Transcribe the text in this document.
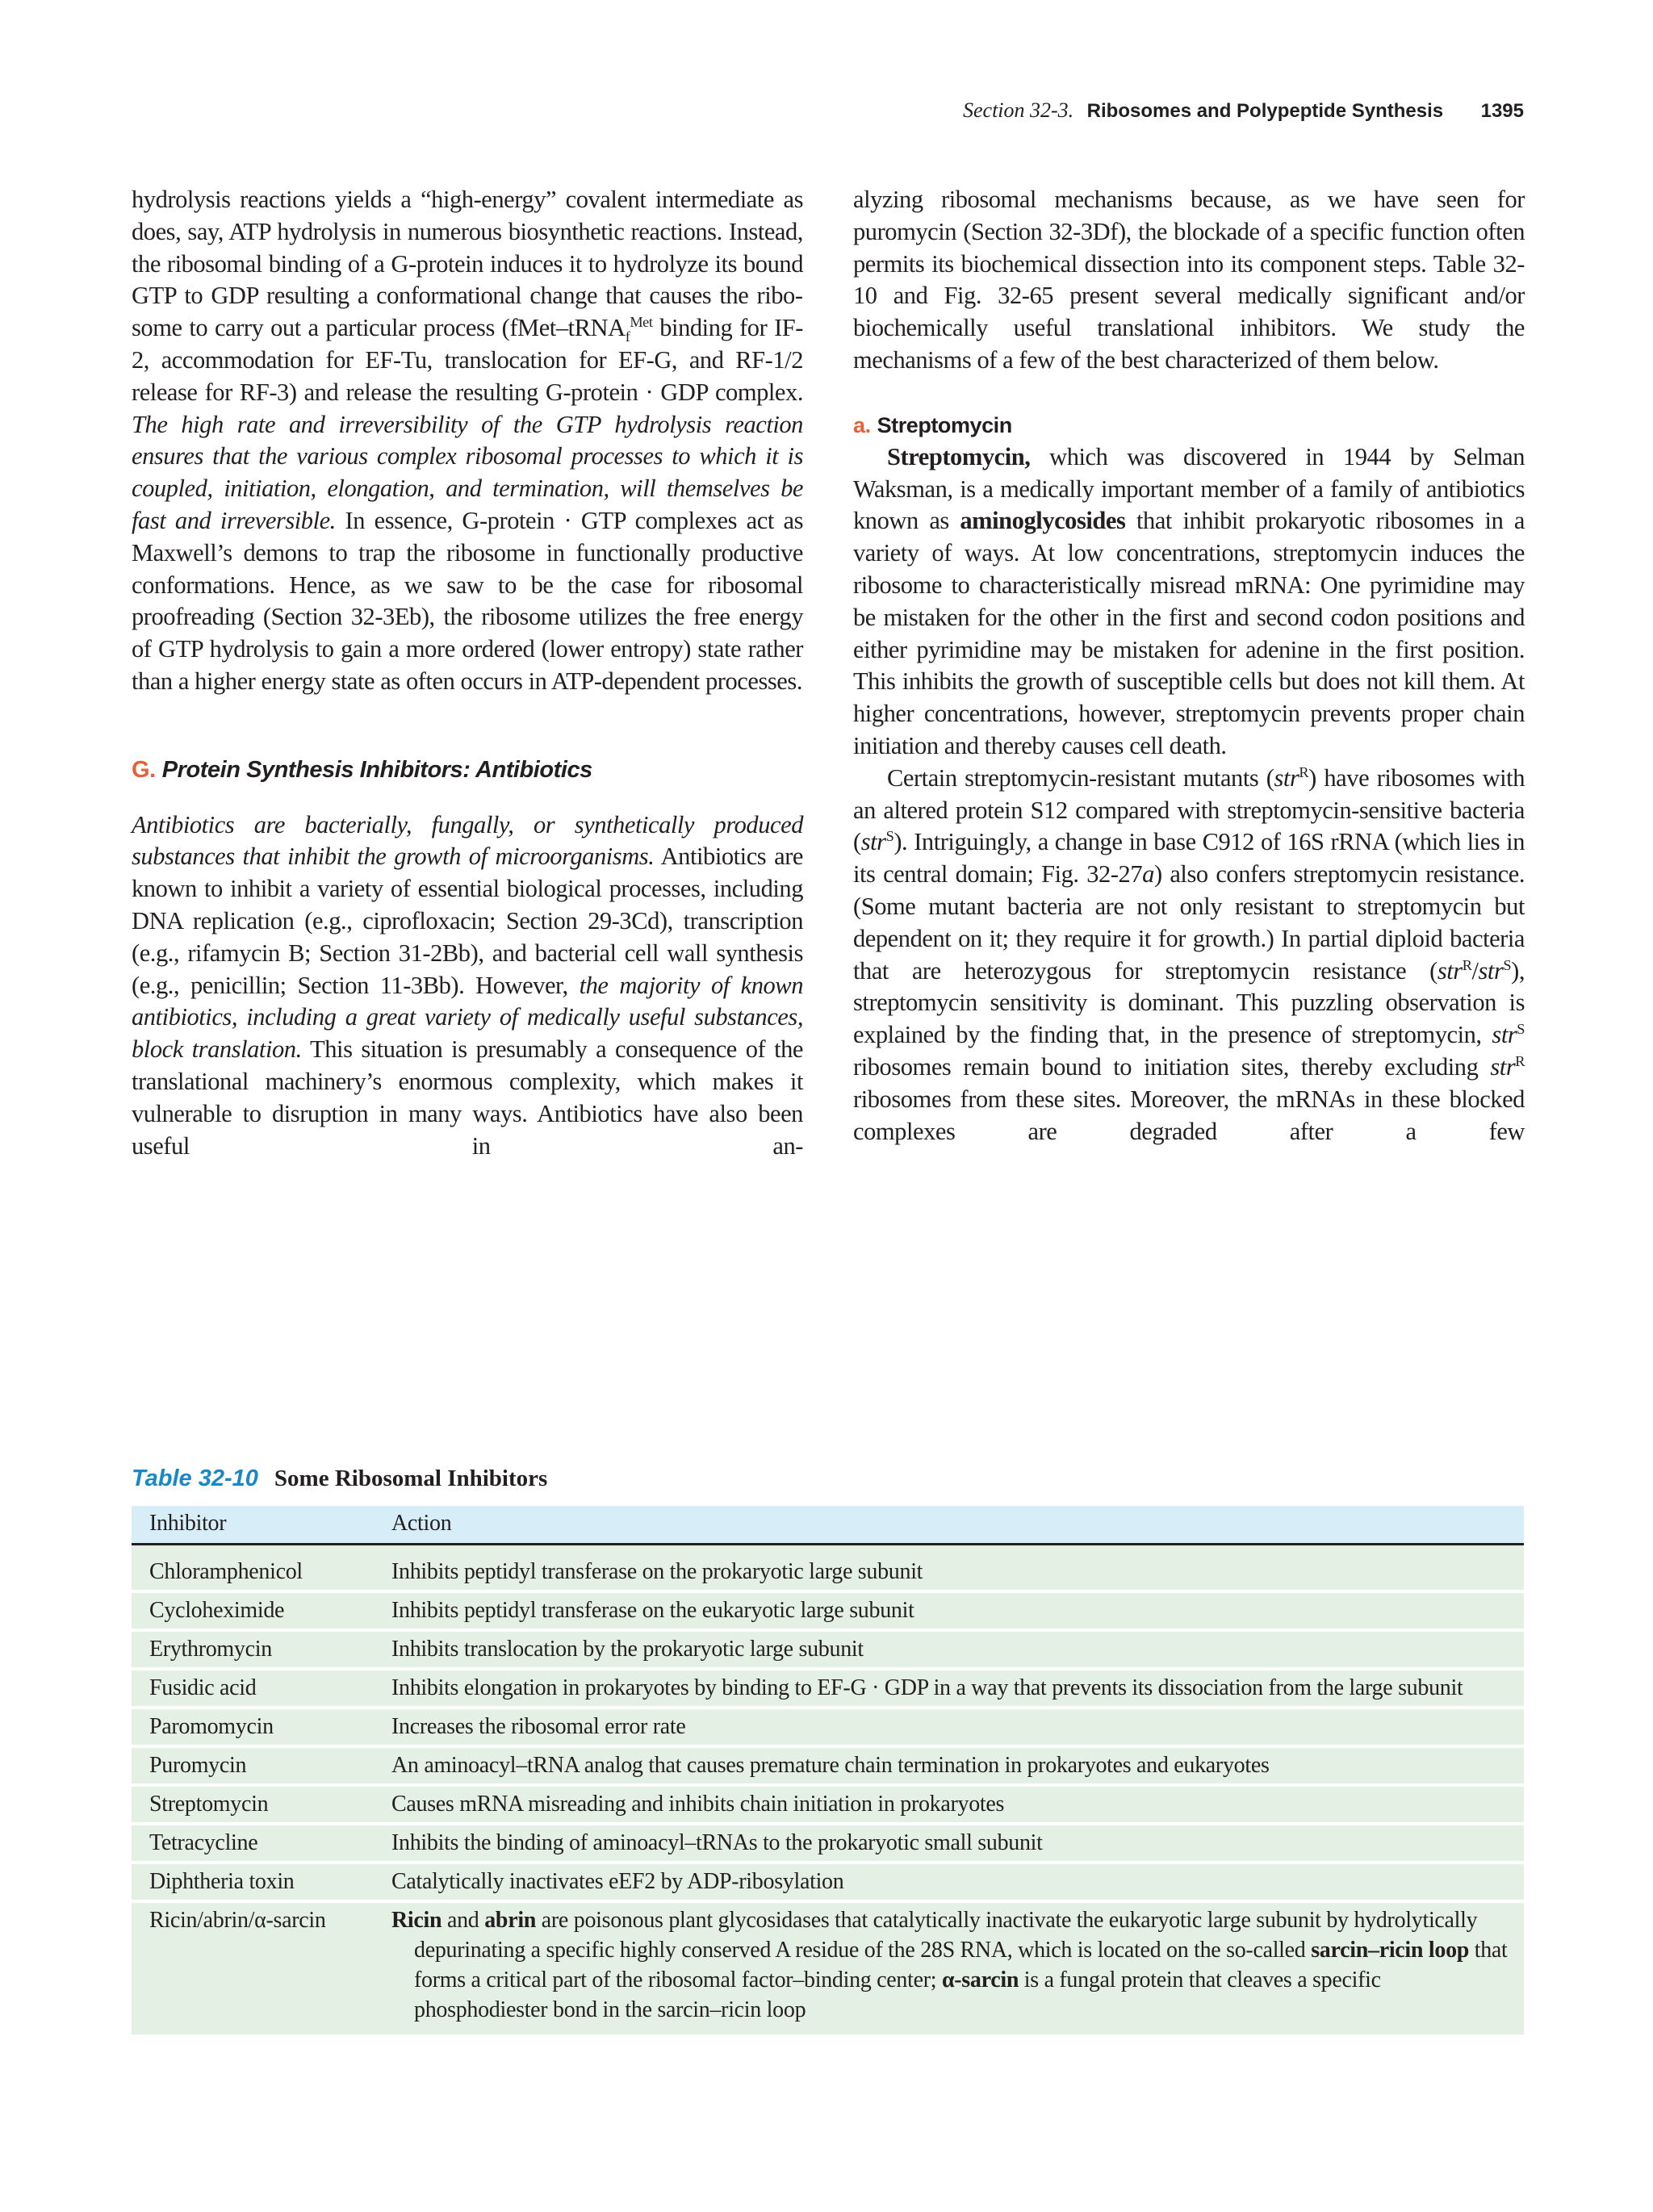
Section 32-3. Ribosomes and Polypeptide Synthesis 1395

hydrolysis reactions yields a “high-energy” covalent intermediate as does, say, ATP hydrolysis in numerous biosynthetic reactions. Instead, the ribosomal binding of a G-protein induces it to hydrolyze its bound GTP to GDP resulting a conformational change that causes the ribosome to carry out a particular process (fMet–tRNA$_f^{Met}$ binding for IF-2, accommodation for EF-Tu, translocation for EF-G, and RF-1/2 release for RF-3) and release the resulting G-protein · GDP complex. The high rate and irreversibility of the GTP hydrolysis reaction ensures that the various complex ribosomal processes to which it is coupled, initiation, elongation, and termination, will themselves be fast and irreversible. In essence, G-protein · GTP complexes act as Maxwell’s demons to trap the ribosome in functionally productive conformations. Hence, as we saw to be the case for ribosomal proofreading (Section 32-3Eb), the ribosome utilizes the free energy of GTP hydrolysis to gain a more ordered (lower entropy) state rather than a higher energy state as often occurs in ATP-dependent processes.

G. Protein Synthesis Inhibitors: Antibiotics

Antibiotics are bacterially, fungally, or synthetically produced substances that inhibit the growth of microorganisms. Antibiotics are known to inhibit a variety of essential biological processes, including DNA replication (e.g., ciprofloxacin; Section 29-3Cd), transcription (e.g., rifamycin B; Section 31-2Bb), and bacterial cell wall synthesis (e.g., penicillin; Section 11-3Bb). However, the majority of known antibiotics, including a great variety of medically useful substances, block translation. This situation is presumably a consequence of the translational machinery’s enormous complexity, which makes it vulnerable to disruption in many ways. Antibiotics have also been useful in an-

alyzing ribosomal mechanisms because, as we have seen for puromycin (Section 32-3Df), the blockade of a specific function often permits its biochemical dissection into its component steps. Table 32-10 and Fig. 32-65 present several medically significant and/or biochemically useful translational inhibitors. We study the mechanisms of a few of the best characterized of them below.

a. Streptomycin

Streptomycin, which was discovered in 1944 by Selman Waksman, is a medically important member of a family of antibiotics known as aminoglycosides that inhibit prokaryotic ribosomes in a variety of ways. At low concentrations, streptomycin induces the ribosome to characteristically misread mRNA: One pyrimidine may be mistaken for the other in the first and second codon positions and either pyrimidine may be mistaken for adenine in the first position. This inhibits the growth of susceptible cells but does not kill them. At higher concentrations, however, streptomycin prevents proper chain initiation and thereby causes cell death.

Certain streptomycin-resistant mutants (str$^R$) have ribosomes with an altered protein S12 compared with streptomycin-sensitive bacteria (str$^S$). Intriguingly, a change in base C912 of 16S rRNA (which lies in its central domain; Fig. 32-27a) also confers streptomycin resistance. (Some mutant bacteria are not only resistant to streptomycin but dependent on it; they require it for growth.) In partial diploid bacteria that are heterozygous for streptomycin resistance (str$^R$/str$^S$), streptomycin sensitivity is dominant. This puzzling observation is explained by the finding that, in the presence of streptomycin, str$^S$ ribosomes remain bound to initiation sites, thereby excluding str$^R$ ribosomes from these sites. Moreover, the mRNAs in these blocked complexes are degraded after a few

Table 32-10 Some Ribosomal Inhibitors
Inhibitor	Action
Chloramphenicol	Inhibits peptidyl transferase on the prokaryotic large subunit

Cycloheximide	Inhibits peptidyl transferase on the eukaryotic large subunit

Erythromycin	Inhibits translocation by the prokaryotic large subunit

Fusidic acid	Inhibits elongation in prokaryotes by binding to EF-G · GDP in a way that prevents its dissociation from the large subunit

Paromomycin	Increases the ribosomal error rate

Puromycin	An aminoacyl–tRNA analog that causes premature chain termination in prokaryotes and eukaryotes

Streptomycin	Causes mRNA misreading and inhibits chain initiation in prokaryotes

Tetracycline	Inhibits the binding of aminoacyl–tRNAs to the prokaryotic small subunit

Diphtheria toxin	Catalytically inactivates eEF2 by ADP-ribosylation

Ricin/abrin/α-sarcin	Ricin and abrin are poisonous plant glycosidases that catalytically inactivate the eukaryotic large subunit by hydrolytically depurinating a specific highly conserved A residue of the 28S RNA, which is located on the so-called sarcin–ricin loop that forms a critical part of the ribosomal factor–binding center; α-sarcin is a fungal protein that cleaves a specific phosphodiester bond in the sarcin–ricin loop
